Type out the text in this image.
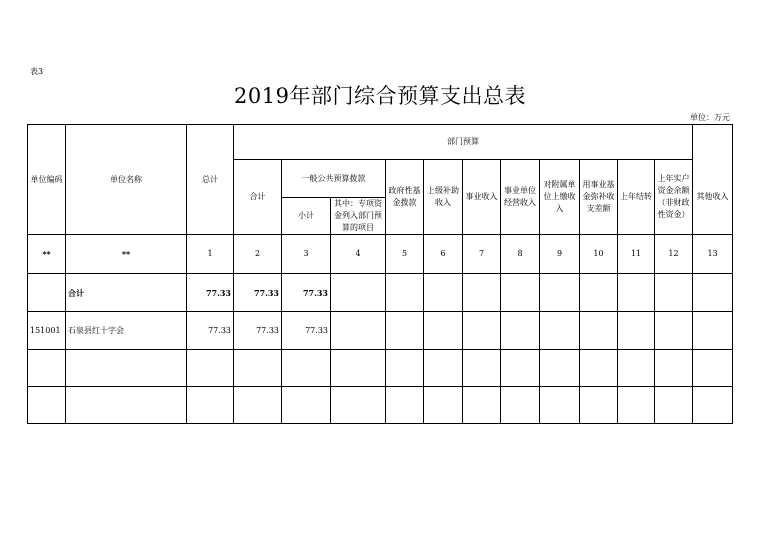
表3
2019年部门综合预算支出总表
单位：万元
单位编码	单位名称	总计	部门预算											
			合计	一般公共预算拨款		政府性基金拨款	上级补助收入	事业收入	事业单位经营收入	对附属单位上缴收入	用事业基金弥补收支差额	上年结转	上年实户资金余额（非财政性资金）	其他收入
				小计	其中：专项资金列入部门预算的项目									
**	**	1	2	3	4	5	6	7	8	9	10	11	12	13
	合计	77.33	77.33	77.33										
151001	石泉县红十字会	77.33	77.33	77.33										
